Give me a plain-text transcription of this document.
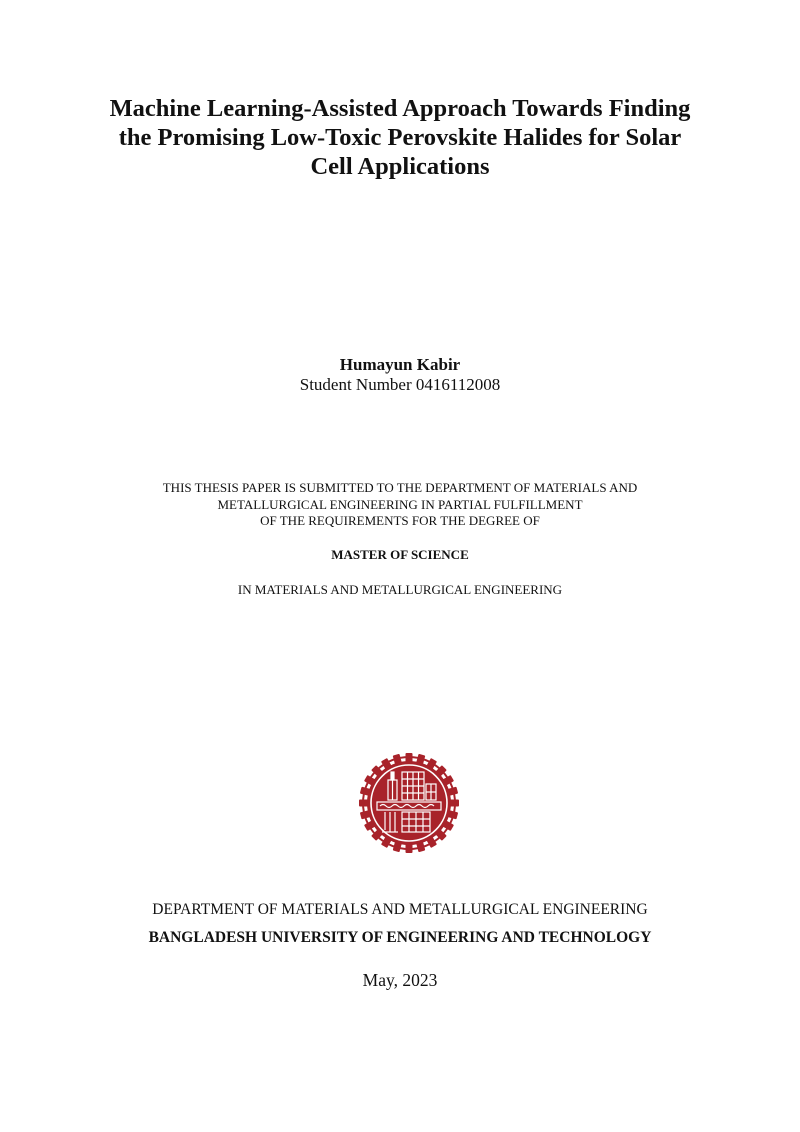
Machine Learning-Assisted Approach Towards Finding
the Promising Low-Toxic Perovskite Halides for Solar
Cell Applications
Humayun Kabir
Student Number 0416112008
THIS THESIS PAPER IS SUBMITTED TO THE DEPARTMENT OF MATERIALS AND
METALLURGICAL ENGINEERING IN PARTIAL FULFILLMENT
OF THE REQUIREMENTS FOR THE DEGREE OF
MASTER OF SCIENCE
IN MATERIALS AND METALLURGICAL ENGINEERING
DEPARTMENT OF MATERIALS AND METALLURGICAL ENGINEERING
BANGLADESH UNIVERSITY OF ENGINEERING AND TECHNOLOGY
May, 2023
